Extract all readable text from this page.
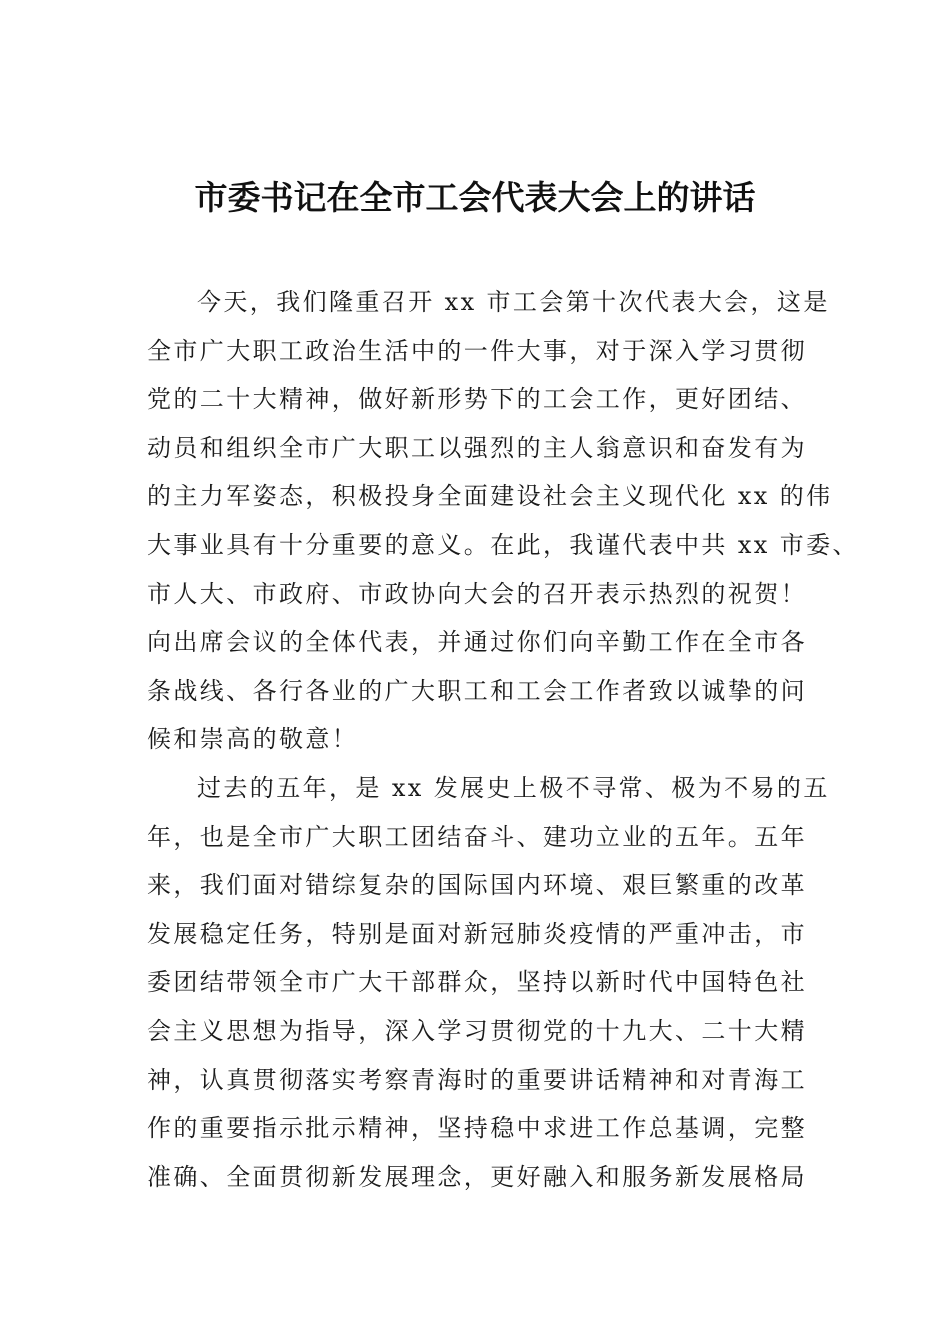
市委书记在全市工会代表大会上的讲话
今天，我们隆重召开 xx 市工会第十次代表大会，这是
全市广大职工政治生活中的一件大事，对于深入学习贯彻
党的二十大精神，做好新形势下的工会工作，更好团结、
动员和组织全市广大职工以强烈的主人翁意识和奋发有为
的主力军姿态，积极投身全面建设社会主义现代化 xx 的伟
大事业具有十分重要的意义。在此，我谨代表中共 xx 市委、
市人大、市政府、市政协向大会的召开表示热烈的祝贺！
向出席会议的全体代表，并通过你们向辛勤工作在全市各
条战线、各行各业的广大职工和工会工作者致以诚挚的问
候和崇高的敬意！
过去的五年，是 xx 发展史上极不寻常、极为不易的五
年，也是全市广大职工团结奋斗、建功立业的五年。五年
来，我们面对错综复杂的国际国内环境、艰巨繁重的改革
发展稳定任务，特别是面对新冠肺炎疫情的严重冲击，市
委团结带领全市广大干部群众，坚持以新时代中国特色社
会主义思想为指导，深入学习贯彻党的十九大、二十大精
神，认真贯彻落实考察青海时的重要讲话精神和对青海工
作的重要指示批示精神，坚持稳中求进工作总基调，完整
准确、全面贯彻新发展理念，更好融入和服务新发展格局
